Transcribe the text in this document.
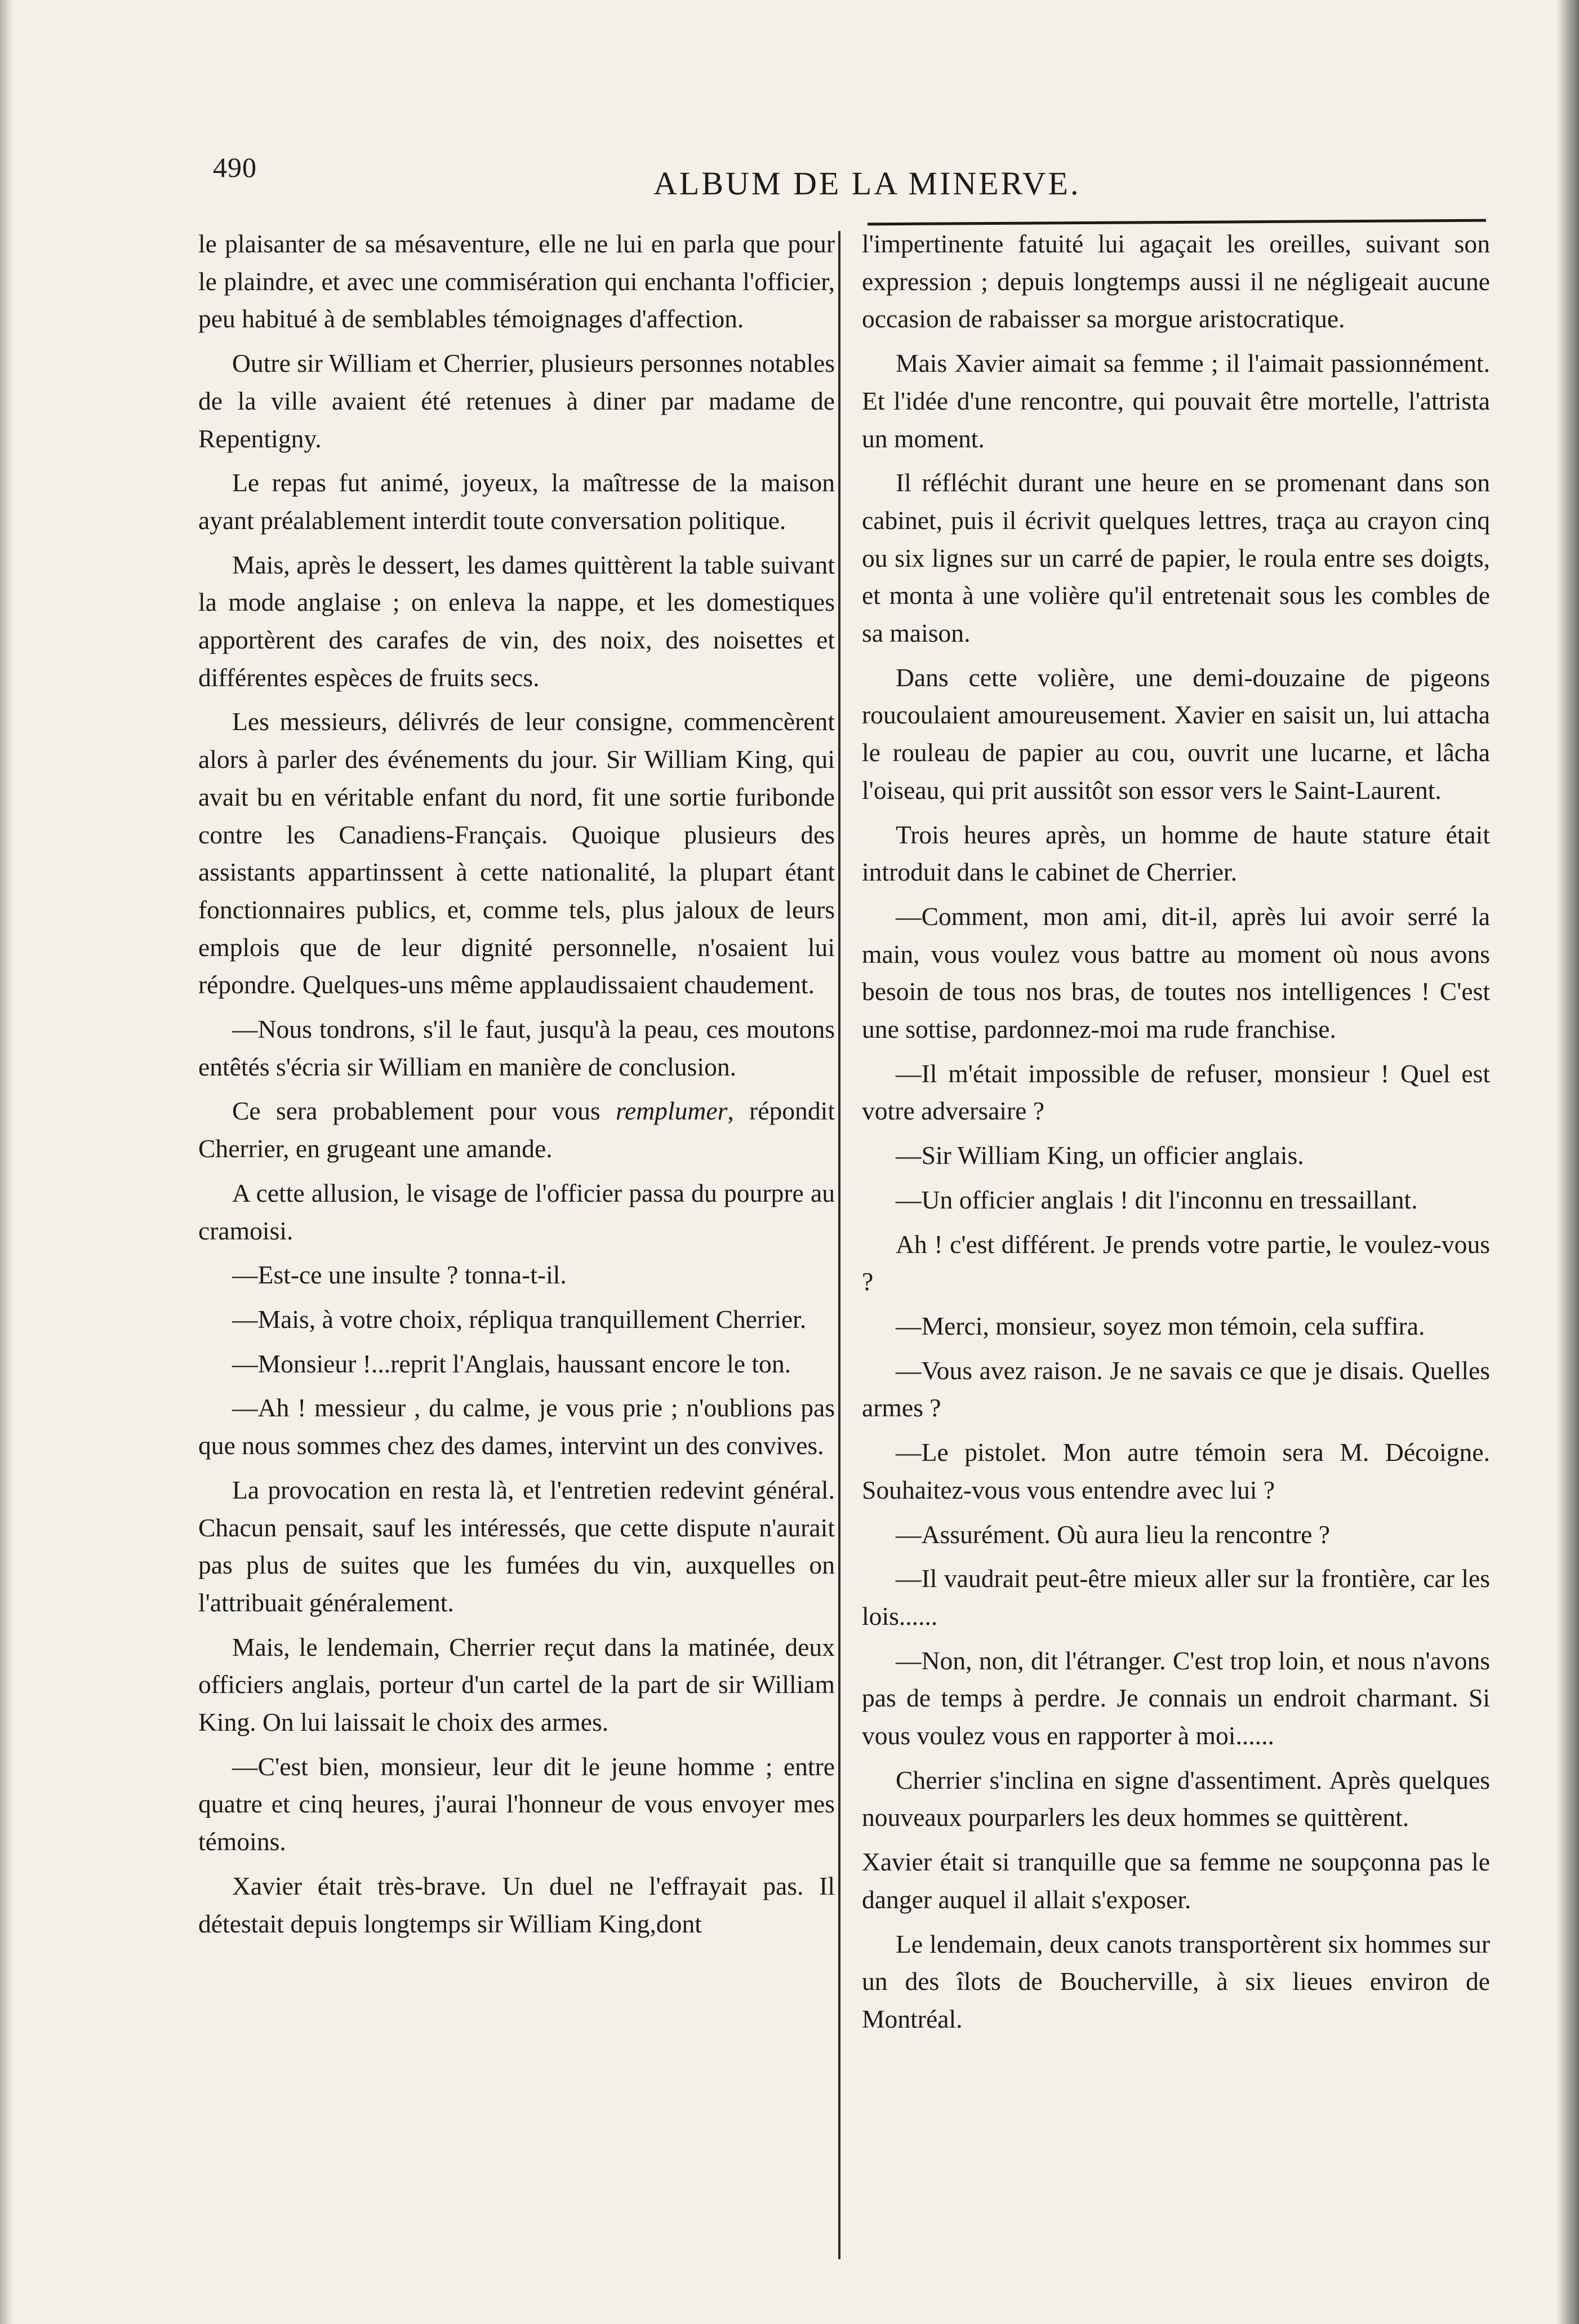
490	ALBUM DE LA MINERVE.

le plaisanter de sa mésaventure, elle ne lui en parla que pour le plaindre, et avec une commisération qui enchanta l'officier, peu habitué à de semblables témoignages d'affection.

Outre sir William et Cherrier, plusieurs personnes notables de la ville avaient été retenues à diner par madame de Repentigny.

Le repas fut animé, joyeux, la maîtresse de la maison ayant préalablement interdit toute conversation politique.

Mais, après le dessert, les dames quittèrent la table suivant la mode anglaise ; on enleva la nappe, et les domestiques apportèrent des carafes de vin, des noix, des noisettes et différentes espèces de fruits secs.

Les messieurs, délivrés de leur consigne, commencèrent alors à parler des événements du jour. Sir William King, qui avait bu en véritable enfant du nord, fit une sortie furibonde contre les Canadiens-Français. Quoique plusieurs des assistants appartinssent à cette nationalité, la plupart étant fonctionnaires publics, et, comme tels, plus jaloux de leurs emplois que de leur dignité personnelle, n'osaient lui répondre. Quelques-uns même applaudissaient chaudement.

—Nous tondrons, s'il le faut, jusqu'à la peau, ces moutons entêtés s'écria sir William en manière de conclusion.

Ce sera probablement pour vous remplumer, répondit Cherrier, en grugeant une amande.

A cette allusion, le visage de l'officier passa du pourpre au cramoisi.

—Est-ce une insulte ? tonna-t-il.

—Mais, à votre choix, répliqua tranquillement Cherrier.

—Monsieur !...reprit l'Anglais, haussant encore le ton.

—Ah ! messieur , du calme, je vous prie ; n'oublions pas que nous sommes chez des dames, intervint un des convives.

La provocation en resta là, et l'entretien redevint général. Chacun pensait, sauf les intéressés, que cette dispute n'aurait pas plus de suites que les fumées du vin, auxquelles on l'attribuait généralement.

Mais, le lendemain, Cherrier reçut dans la matinée, deux officiers anglais, porteur d'un cartel de la part de sir William King. On lui laissait le choix des armes.

—C'est bien, monsieur, leur dit le jeune homme ; entre quatre et cinq heures, j'aurai l'honneur de vous envoyer mes témoins.

Xavier était très-brave. Un duel ne l'effrayait pas. Il détestait depuis longtemps sir William King,dont

l'impertinente fatuité lui agaçait les oreilles, suivant son expression ; depuis longtemps aussi il ne négligeait aucune occasion de rabaisser sa morgue aristocratique.

Mais Xavier aimait sa femme ; il l'aimait passionnément. Et l'idée d'une rencontre, qui pouvait être mortelle, l'attrista un moment.

Il réfléchit durant une heure en se promenant dans son cabinet, puis il écrivit quelques lettres, traça au crayon cinq ou six lignes sur un carré de papier, le roula entre ses doigts, et monta à une volière qu'il entretenait sous les combles de sa maison.

Dans cette volière, une demi-douzaine de pigeons roucoulaient amoureusement. Xavier en saisit un, lui attacha le rouleau de papier au cou, ouvrit une lucarne, et lâcha l'oiseau, qui prit aussitôt son essor vers le Saint-Laurent.

Trois heures après, un homme de haute stature était introduit dans le cabinet de Cherrier.

—Comment, mon ami, dit-il, après lui avoir serré la main, vous voulez vous battre au moment où nous avons besoin de tous nos bras, de toutes nos intelligences ! C'est une sottise, pardonnez-moi ma rude franchise.

—Il m'était impossible de refuser, monsieur ! Quel est votre adversaire ?

—Sir William King, un officier anglais.

—Un officier anglais ! dit l'inconnu en tressaillant.

Ah ! c'est différent. Je prends votre partie, le voulez-vous ?

—Merci, monsieur, soyez mon témoin, cela suffira.

—Vous avez raison. Je ne savais ce que je disais. Quelles armes ?

—Le pistolet. Mon autre témoin sera M. Décoigne. Souhaitez-vous vous entendre avec lui ?

—Assurément. Où aura lieu la rencontre ?

—Il vaudrait peut-être mieux aller sur la frontière, car les lois......

—Non, non, dit l'étranger. C'est trop loin, et nous n'avons pas de temps à perdre. Je connais un endroit charmant. Si vous voulez vous en rapporter à moi......

Cherrier s'inclina en signe d'assentiment. Après quelques nouveaux pourparlers les deux hommes se quittèrent.

Xavier était si tranquille que sa femme ne soupçonna pas le danger auquel il allait s'exposer.

Le lendemain, deux canots transportèrent six hommes sur un des îlots de Boucherville, à six lieues environ de Montréal.
